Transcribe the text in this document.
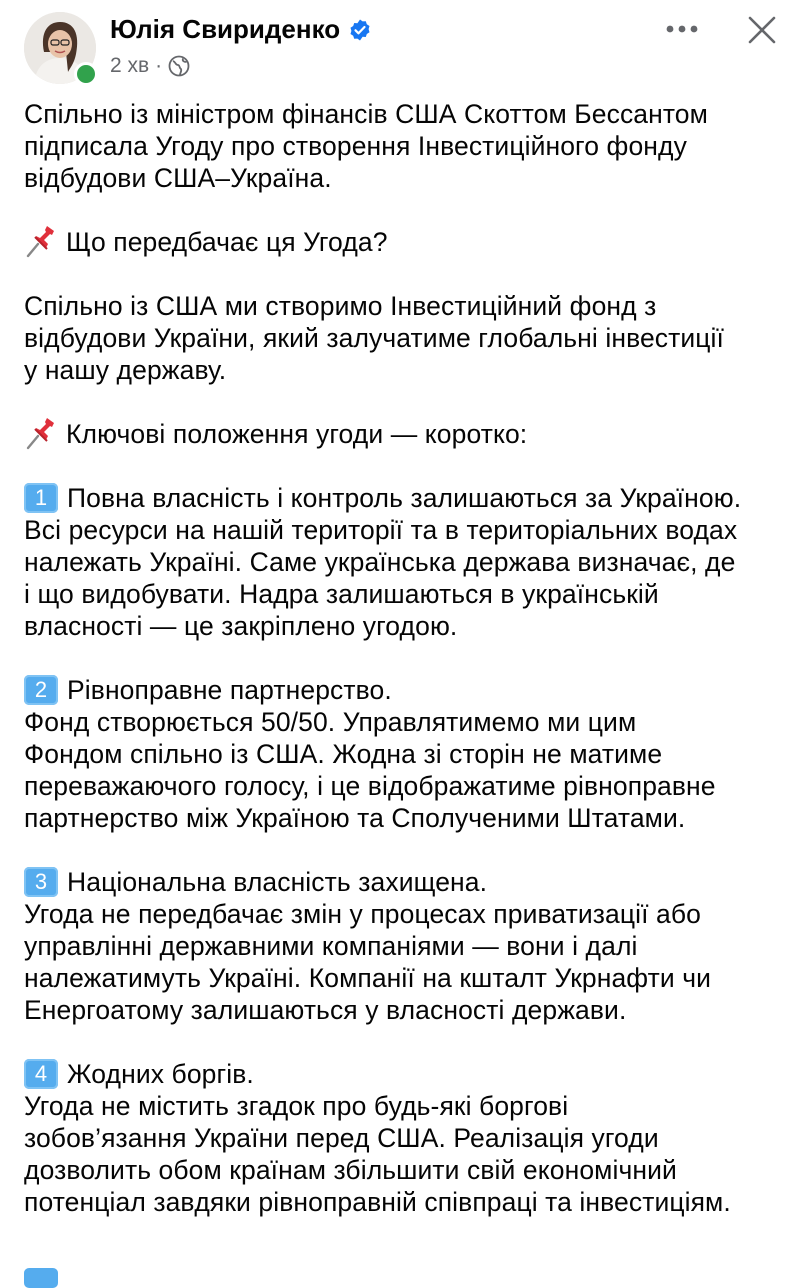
Юлія Свириденко
2 хв ·

Спільно із міністром фінансів США Скоттом Бессантом

підписала Угоду про створення Інвестиційного фонду

відбудови США–Україна.

Що передбачає ця Угода?

Спільно із США ми створимо Інвестиційний фонд з

відбудови України, який залучатиме глобальні інвестиції

у нашу державу.

Ключові положення угоди — коротко:

1 Повна власність і контроль залишаються за Україною.

Всі ресурси на нашій території та в територіальних водах

належать Україні. Саме українська держава визначає, де

і що видобувати. Надра залишаються в українській

власності — це закріплено угодою.

2 Рівноправне партнерство.

Фонд створюється 50/50. Управлятимемо ми цим

Фондом спільно із США. Жодна зі сторін не матиме

переважаючого голосу, і це відображатиме рівноправне

партнерство між Україною та Сполученими Штатами.

3 Національна власність захищена.

Угода не передбачає змін у процесах приватизації або

управлінні державними компаніями — вони і далі

належатимуть Україні. Компанії на кшталт Укрнафти чи

Енергоатому залишаються у власності держави.

4 Жодних боргів.

Угода не містить згадок про будь-які боргові

зобов’язання України перед США. Реалізація угоди

дозволить обом країнам збільшити свій економічний

потенціал завдяки рівноправній співпраці та інвестиціям.
